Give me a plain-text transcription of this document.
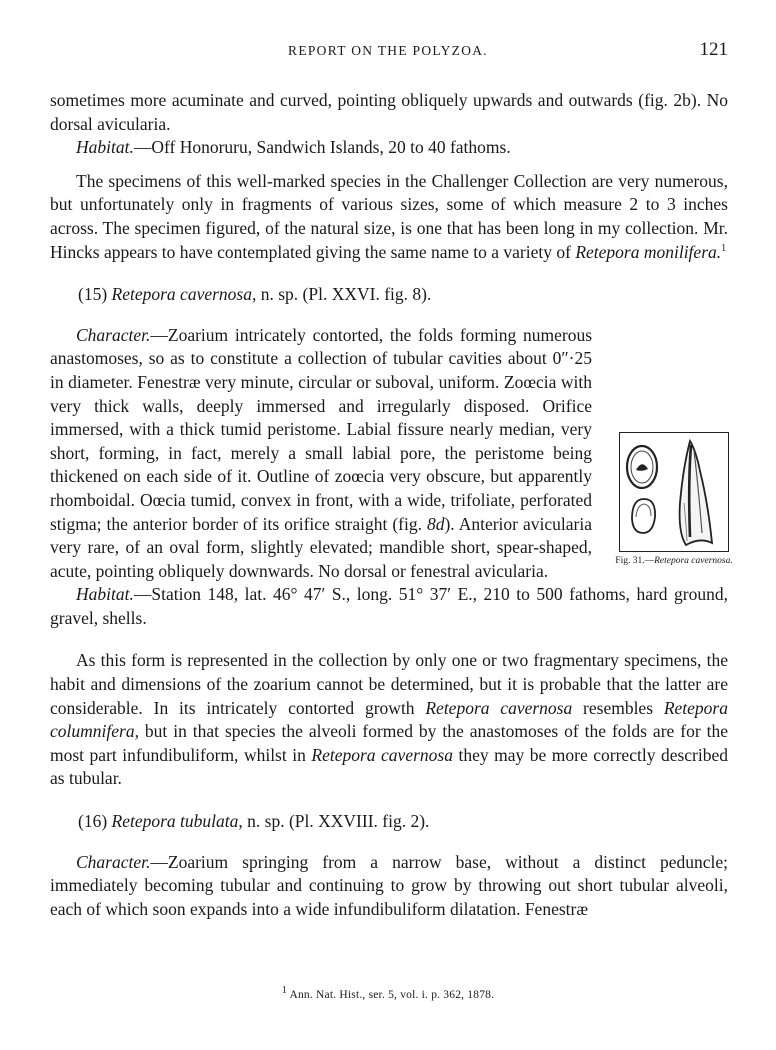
REPORT ON THE POLYZOA.	121

sometimes more acuminate and curved, pointing obliquely upwards and outwards (fig. 2b). No dorsal avicularia.

Habitat.—Off Honoruru, Sandwich Islands, 20 to 40 fathoms.

The specimens of this well-marked species in the Challenger Collection are very numerous, but unfortunately only in fragments of various sizes, some of which measure 2 to 3 inches across. The specimen figured, of the natural size, is one that has been long in my collection. Mr. Hincks appears to have contemplated giving the same name to a variety of Retepora monilifera.$^1$

(15) Retepora cavernosa, n. sp. (Pl. XXVI. fig. 8).

Character.—Zoarium intricately contorted, the folds forming numerous anastomoses, so as to constitute a collection of tubular cavities about 0″·25 in diameter. Fenestræ very minute, circular or suboval, uniform. Zoœcia with very thick walls, deeply immersed and irregularly disposed. Orifice immersed, with a thick tumid peristome. Labial fissure nearly median, very short, forming, in fact, merely a small labial pore, the peristome being thickened on each side of it. Outline of zoœcia very obscure, but apparently rhomboidal. Oœcia tumid, convex in front, with a wide, trifoliate, perforated stigma; the anterior border of its orifice straight (fig. 8d). Anterior avicularia very rare, of an oval form, slightly elevated; mandible short, spear-shaped, acute, pointing obliquely downwards. No dorsal or fenestral avicularia.

Habitat.—Station 148, lat. 46° 47′ S., long. 51° 37′ E., 210 to 500 fathoms, hard ground, gravel, shells.

As this form is represented in the collection by only one or two fragmentary specimens, the habit and dimensions of the zoarium cannot be determined, but it is probable that the latter are considerable. In its intricately contorted growth Retepora cavernosa resembles Retepora columnifera, but in that species the alveoli formed by the anastomoses of the folds are for the most part infundibuliform, whilst in Retepora cavernosa they may be more correctly described as tubular.

(16) Retepora tubulata, n. sp. (Pl. XXVIII. fig. 2).

Character.—Zoarium springing from a narrow base, without a distinct peduncle; immediately becoming tubular and continuing to grow by throwing out short tubular alveoli, each of which soon expands into a wide infundibuliform dilatation. Fenestræ

Fig. 31.—Retepora cavernosa.
$^1$ Ann. Nat. Hist., ser. 5, vol. i. p. 362, 1878.
